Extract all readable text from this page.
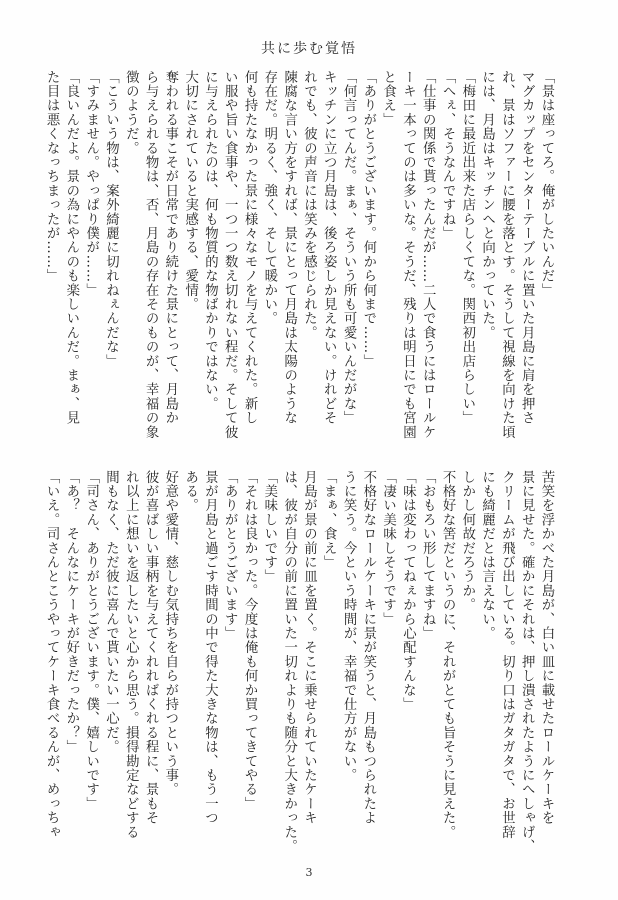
共に歩む覚悟
「景は座ってろ。俺がしたいんだ」
マグカップをセンターテーブルに置いた月島に肩を押さ
れ、景はソファーに腰を落とす。そうして視線を向けた頃
には、月島はキッチンへと向かっていた。
「梅田に最近出来た店らしくてな。関西初出店らしい」
「へぇ、そうなんですね」
「仕事の関係で貰ったんだが……二人で食うにはロールケ
ーキ一本ってのは多いな。そうだ、残りは明日にでも宮園
と食え」
「ありがとうございます。何から何まで……」
「何言ってんだ。まぁ、そういう所も可愛いんだがな」
キッチンに立つ月島は、後ろ姿しか見えない。けれどそ
れでも、彼の声音には笑みを感じられた。
陳腐な言い方をすれば、景にとって月島は太陽のような
存在だ。明るく、強く、そして暖かい。
何も持たなかった景に様々なモノを与えてくれた。新し
い服や旨い食事や、一つ一つ数え切れない程だ。そして彼
に与えられたのは、何も物質的な物ばかりではない。
大切にされていると実感する、愛情。
奪われる事こそが日常であり続けた景にとって、月島か
ら与えられる物は、否、月島の存在そのものが、幸福の象
徴のようだ。
「こういう物は、案外綺麗に切れねぇんだな」
「すみません。やっぱり僕が……」
「良いんだよ。景の為にやんのも楽しいんだ。まぁ、見
た目は悪くなっちまったが……」
苦笑を浮かべた月島が、白い皿に載せたロールケーキを
景に見せた。確かにそれは、押し潰されたようにへしゃげ、
クリームが飛び出している。切り口はガタガタで、お世辞
にも綺麗だとは言えない。
しかし何故だろうか。
不格好な筈だというのに、それがとても旨そうに見えた。
「おもろい形してますね」
「味は変わってねぇから心配すんな」
「凄い美味しそうです」
不格好なロールケーキに景が笑うと、月島もつられたよ
うに笑う。今という時間が、幸福で仕方がない。
「まぁ、食え」
月島が景の前に皿を置く。そこに乗せられていたケーキ
は、彼が自分の前に置いた一切れよりも随分と大きかった。
「美味しいです」
「それは良かった。今度は俺も何か買ってきてやる」
「ありがとうございます」
景が月島と過ごす時間の中で得た大きな物は、もう一つ
ある。
好意や愛情、慈しむ気持ちを自らが持つという事。
彼が喜ばしい事柄を与えてくれればくれる程に、景もそ
れ以上に想いを返したいと心から思う。損得勘定などする
間もなく、ただ彼に喜んで貰いたい一心だ。
「司さん、ありがとうございます。僕、嬉しいです」
「あ？　そんなにケーキが好きだったか？」
「いえ。司さんとこうやってケーキ食べるんが、めっちゃ
3
